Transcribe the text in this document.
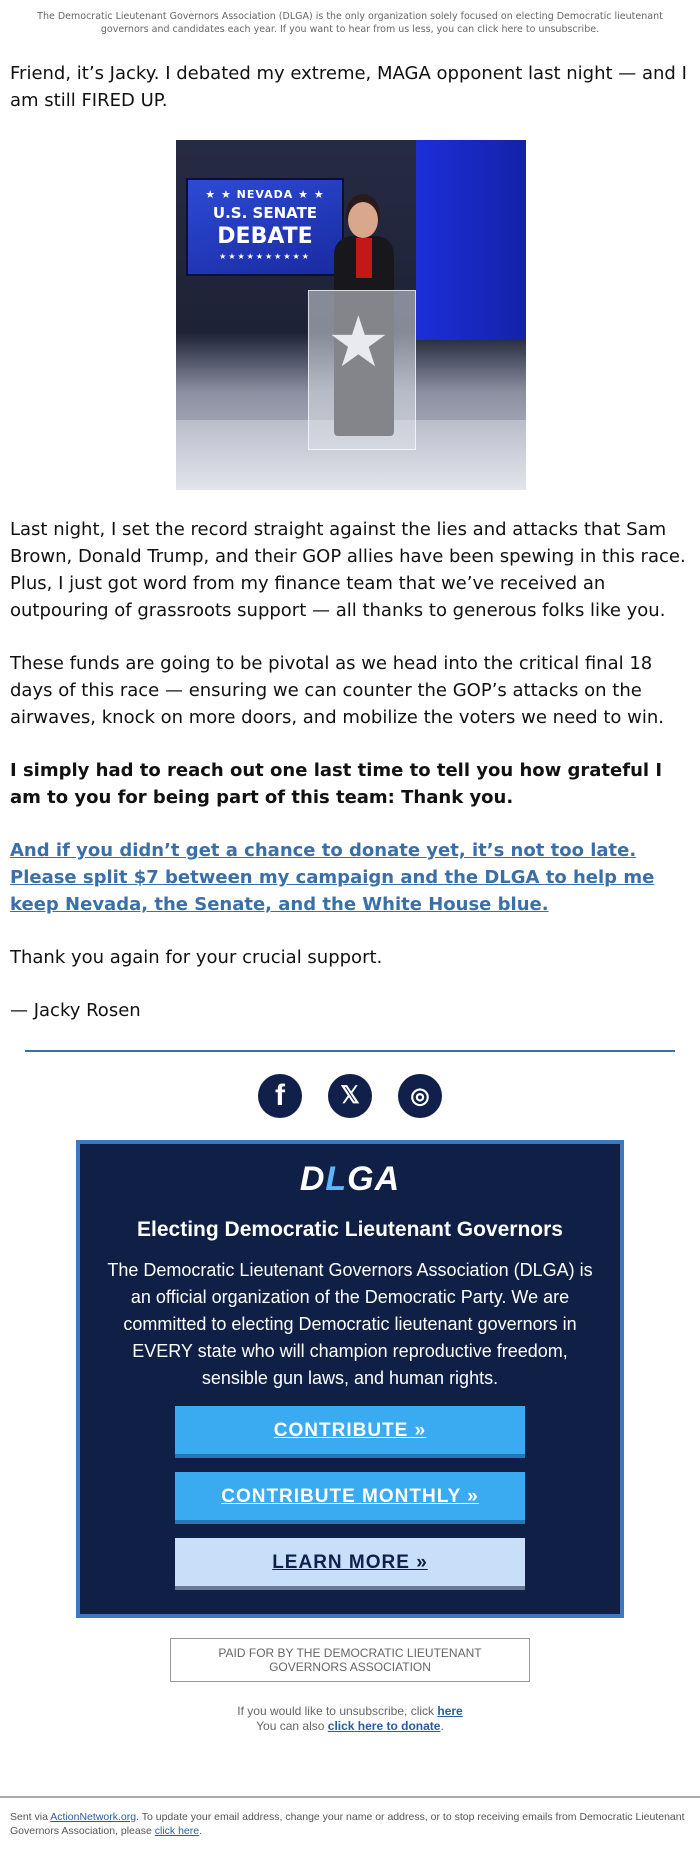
The Democratic Lieutenant Governors Association (DLGA) is the only organization solely focused on electing Democratic lieutenant governors and candidates each year. If you want to hear from us less, you can click here to unsubscribe.

Friend, it’s Jacky. I debated my extreme, MAGA opponent last night — and I am still FIRED UP.

★ ★ NEVADA ★ ★
U.S. SENATE
DEBATE
★★★★★★★★★★
★

Last night, I set the record straight against the lies and attacks that Sam Brown, Donald Trump, and their GOP allies have been spewing in this race. Plus, I just got word from my finance team that we’ve received an outpouring of grassroots support — all thanks to generous folks like you.

These funds are going to be pivotal as we head into the critical final 18 days of this race — ensuring we can counter the GOP’s attacks on the airwaves, knock on more doors, and mobilize the voters we need to win.

I simply had to reach out one last time to tell you how grateful I am to you for being part of this team: Thank you.

And if you didn’t get a chance to donate yet, it’s not too late. Please split $7 between my campaign and the DLGA to help me keep Nevada, the Senate, and the White House blue.

Thank you again for your crucial support.

— Jacky Rosen

f 𝕏 ◎
DLGA
Electing Democratic Lieutenant Governors

The Democratic Lieutenant Governors Association (DLGA) is an official organization of the Democratic Party. We are committed to electing Democratic lieutenant governors in EVERY state who will champion reproductive freedom, sensible gun laws, and human rights.

CONTRIBUTE »
CONTRIBUTE MONTHLY »
LEARN MORE »
PAID FOR BY THE DEMOCRATIC LIEUTENANT GOVERNORS ASSOCIATION
If you would like to unsubscribe, click here
You can also click here to donate.
Sent via ActionNetwork.org. To update your email address, change your name or address, or to stop receiving emails from Democratic Lieutenant Governors Association, please click here.
